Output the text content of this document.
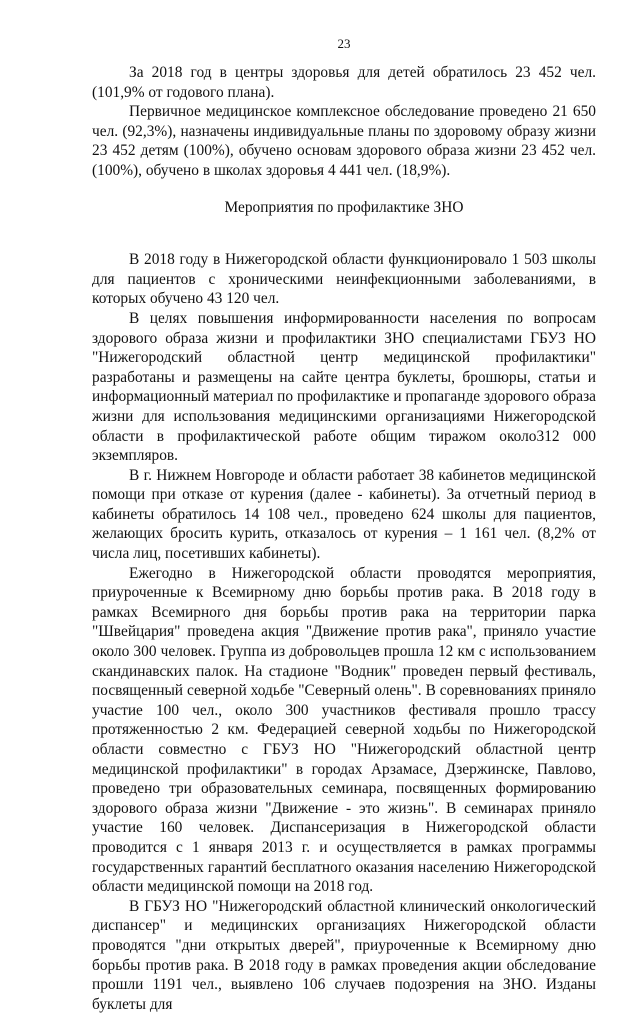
23

За 2018 год в центры здоровья для детей обратилось 23 452 чел. (101,9% от годового плана).

Первичное медицинское комплексное обследование проведено 21 650 чел. (92,3%), назначены индивидуальные планы по здоровому образу жизни 23 452 детям (100%), обучено основам здорового образа жизни 23 452 чел. (100%), обучено в школах здоровья 4 441 чел. (18,9%).

Мероприятия по профилактике ЗНО

В 2018 году в Нижегородской области функционировало 1 503 школы для пациентов с хроническими неинфекционными заболеваниями, в которых обучено 43 120 чел.

В целях повышения информированности населения по вопросам здорового образа жизни и профилактики ЗНО специалистами ГБУЗ НО "Нижегородский областной центр медицинской профилактики" разработаны и размещены на сайте центра буклеты, брошюры, статьи и информационный материал по профилактике и пропаганде здорового образа жизни для использования медицинскими организациями Нижегородской области в профилактической работе общим тиражом около312 000 экземпляров.

В г. Нижнем Новгороде и области работает 38 кабинетов медицинской помощи при отказе от курения (далее - кабинеты). За отчетный период в кабинеты обратилось 14 108 чел., проведено 624 школы для пациентов, желающих бросить курить, отказалось от курения – 1 161 чел. (8,2% от числа лиц, посетивших кабинеты).

Ежегодно в Нижегородской области проводятся мероприятия, приуроченные к Всемирному дню борьбы против рака. В 2018 году в рамках Всемирного дня борьбы против рака на территории парка "Швейцария" проведена акция "Движение против рака", приняло участие около 300 человек. Группа из добровольцев прошла 12 км с использованием скандинавских палок. На стадионе "Водник" проведен первый фестиваль, посвященный северной ходьбе "Северный олень". В соревнованиях приняло участие 100 чел., около 300 участников фестиваля прошло трассу протяженностью 2 км. Федерацией северной ходьбы по Нижегородской области совместно с ГБУЗ НО "Нижегородский областной центр медицинской профилактики" в городах Арзамасе, Дзержинске, Павлово, проведено три образовательных семинара, посвященных формированию здорового образа жизни "Движение - это жизнь". В семинарах приняло участие 160 человек. Диспансеризация в Нижегородской области проводится с 1 января 2013 г. и осуществляется в рамках программы государственных гарантий бесплатного оказания населению Нижегородской области медицинской помощи на 2018 год.

В ГБУЗ НО "Нижегородский областной клинический онкологический диспансер" и медицинских организациях Нижегородской области проводятся "дни открытых дверей", приуроченные к Всемирному дню борьбы против рака. В 2018 году в рамках проведения акции обследование прошли 1191 чел., выявлено 106 случаев подозрения на ЗНО. Изданы буклеты для
